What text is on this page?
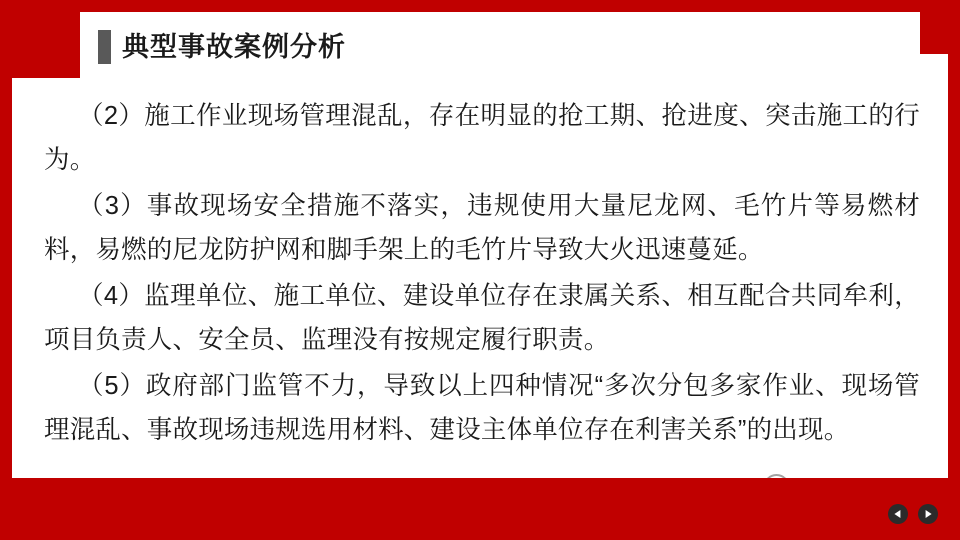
典型事故案例分析

（2）施工作业现场管理混乱，存在明显的抢工期、抢进度、突击施工的行为。

（3）事故现场安全措施不落实，违规使用大量尼龙网、毛竹片等易燃材料，易燃的尼龙防护网和脚手架上的毛竹片导致大火迅速蔓延。

（4）监理单位、施工单位、建设单位存在隶属关系、相互配合共同牟利，项目负责人、安全员、监理没有按规定履行职责。

（5）政府部门监管不力，导致以上四种情况“多次分包多家作业、现场管理混乱、事故现场违规选用材料、建设主体单位存在利害关系”的出现。
